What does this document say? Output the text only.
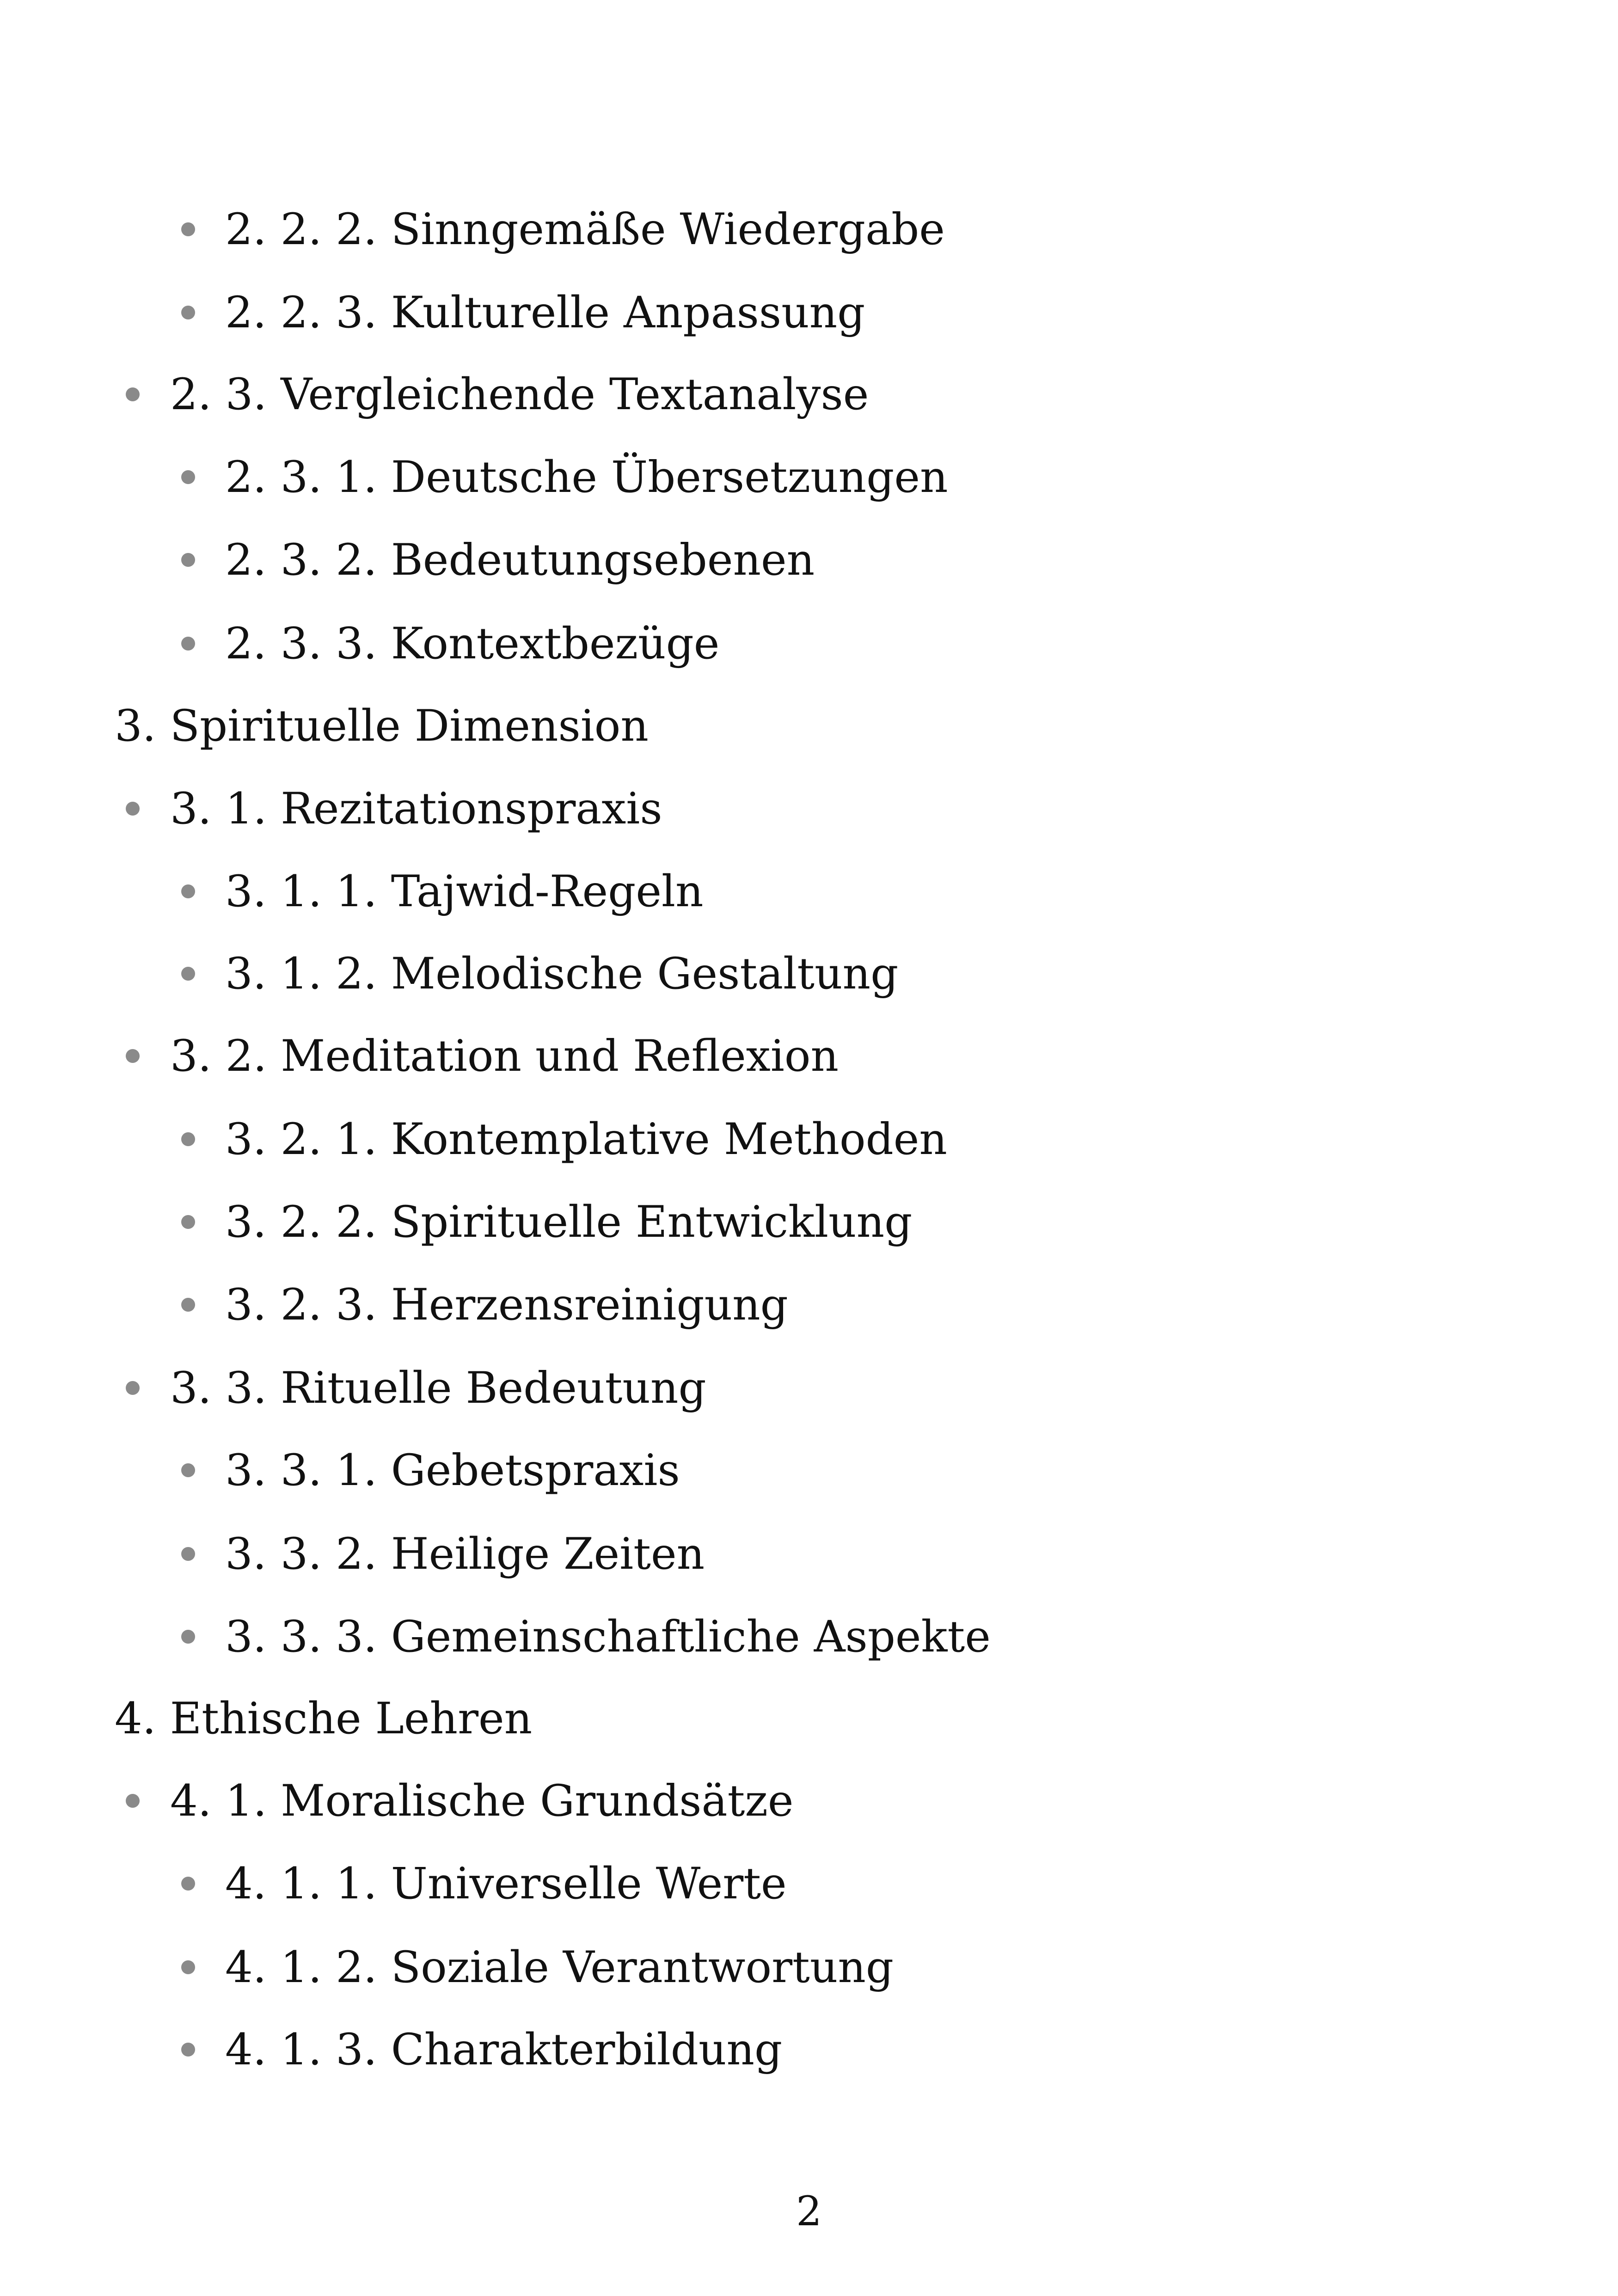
2. 2. 2. Sinngemäße Wiedergabe
2. 2. 3. Kulturelle Anpassung
2. 3. Vergleichende Textanalyse
2. 3. 1. Deutsche Übersetzungen
2. 3. 2. Bedeutungsebenen
2. 3. 3. Kontextbezüge
3. Spirituelle Dimension
3. 1. Rezitationspraxis
3. 1. 1. Tajwid-Regeln
3. 1. 2. Melodische Gestaltung
3. 2. Meditation und Reflexion
3. 2. 1. Kontemplative Methoden
3. 2. 2. Spirituelle Entwicklung
3. 2. 3. Herzensreinigung
3. 3. Rituelle Bedeutung
3. 3. 1. Gebetspraxis
3. 3. 2. Heilige Zeiten
3. 3. 3. Gemeinschaftliche Aspekte
4. Ethische Lehren
4. 1. Moralische Grundsätze
4. 1. 1. Universelle Werte
4. 1. 2. Soziale Verantwortung
4. 1. 3. Charakterbildung
2
